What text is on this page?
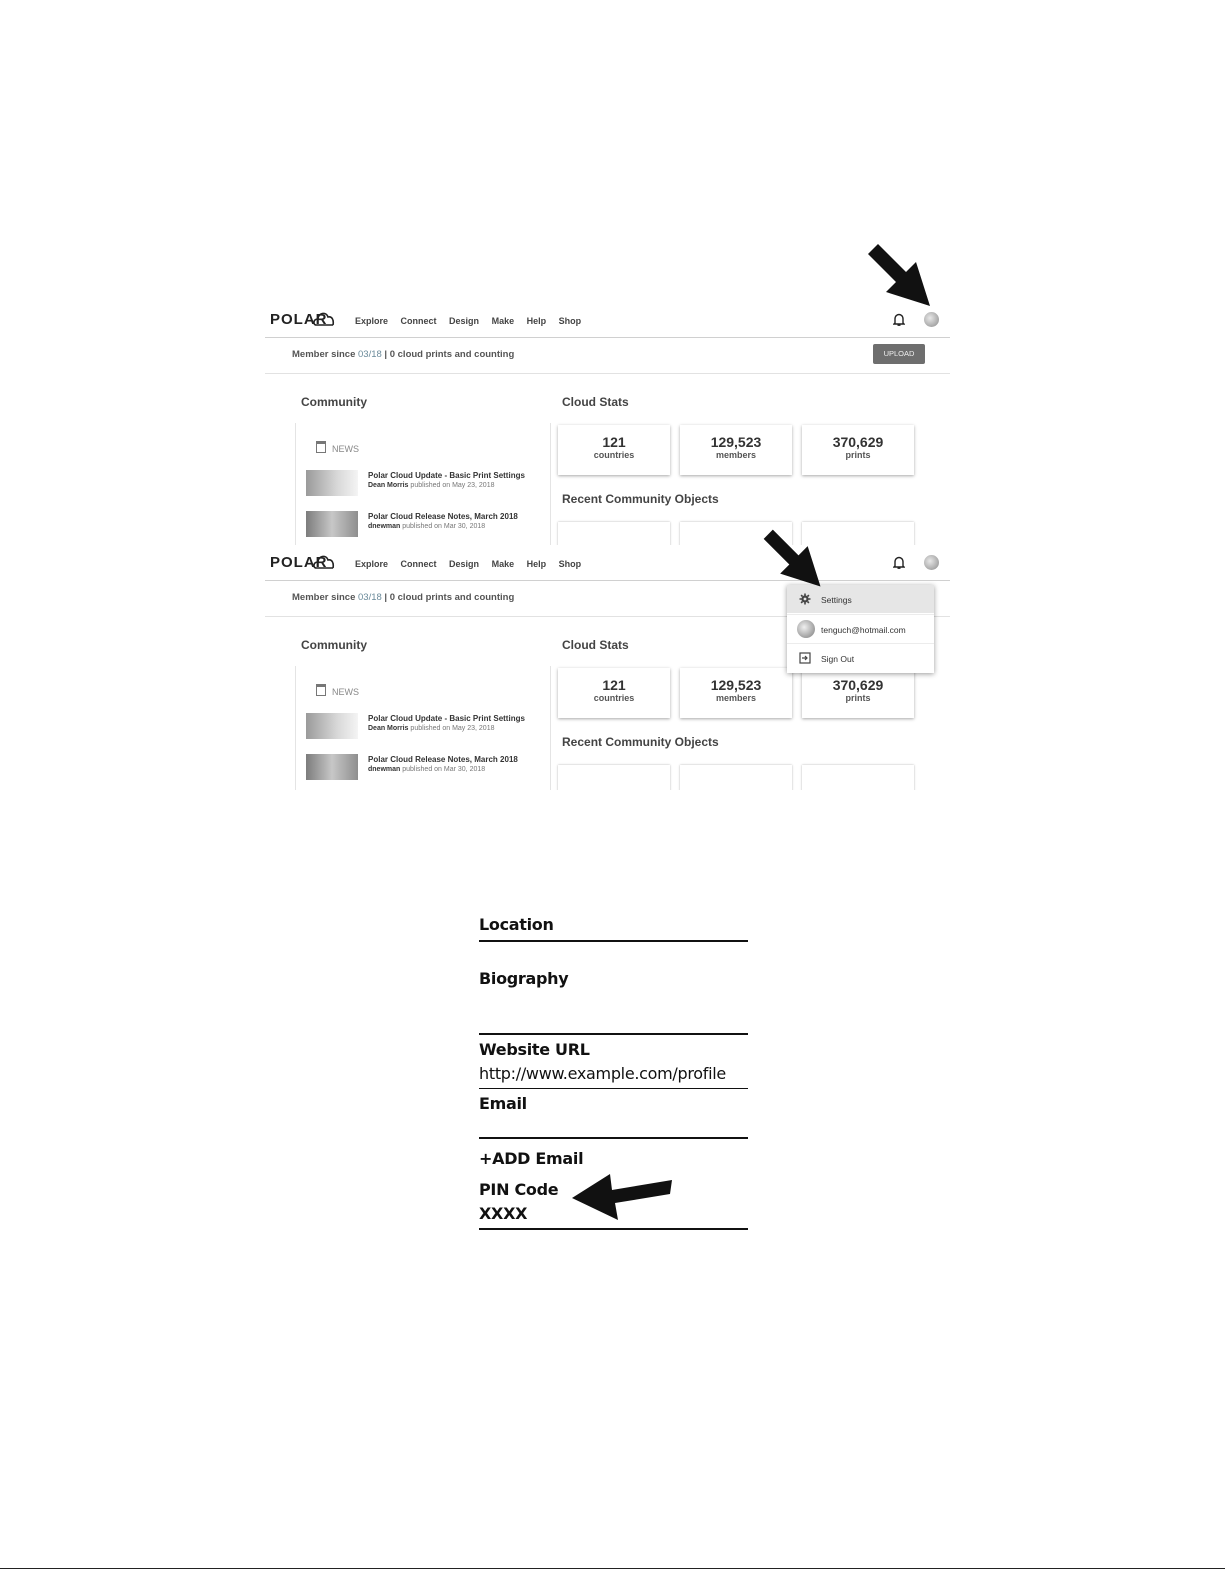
POLAR	Explore Connect Design Make Help Shop
Member since 03/18 | 0 cloud prints and counting	UPLOAD
Community	Cloud Stats
NEWS
Polar Cloud Update - Basic Print Settings
Dean Morris published on May 23, 2018
Polar Cloud Release Notes, March 2018
dnewman published on Mar 30, 2018
121
countries
129,523
members
370,629
prints
Recent Community Objects
POLAR	Explore Connect Design Make Help Shop
Member since 03/18 | 0 cloud prints and counting
Community	Cloud Stats
NEWS
Polar Cloud Update - Basic Print Settings
Dean Morris published on May 23, 2018
Polar Cloud Release Notes, March 2018
dnewman published on Mar 30, 2018
121
countries
129,523
members
370,629
prints
Recent Community Objects
Settings
tenguch@hotmail.com
Sign Out
Location
Biography
Website URL
http://www.example.com/profile
Email
+ADD Email
PIN Code
XXXX
